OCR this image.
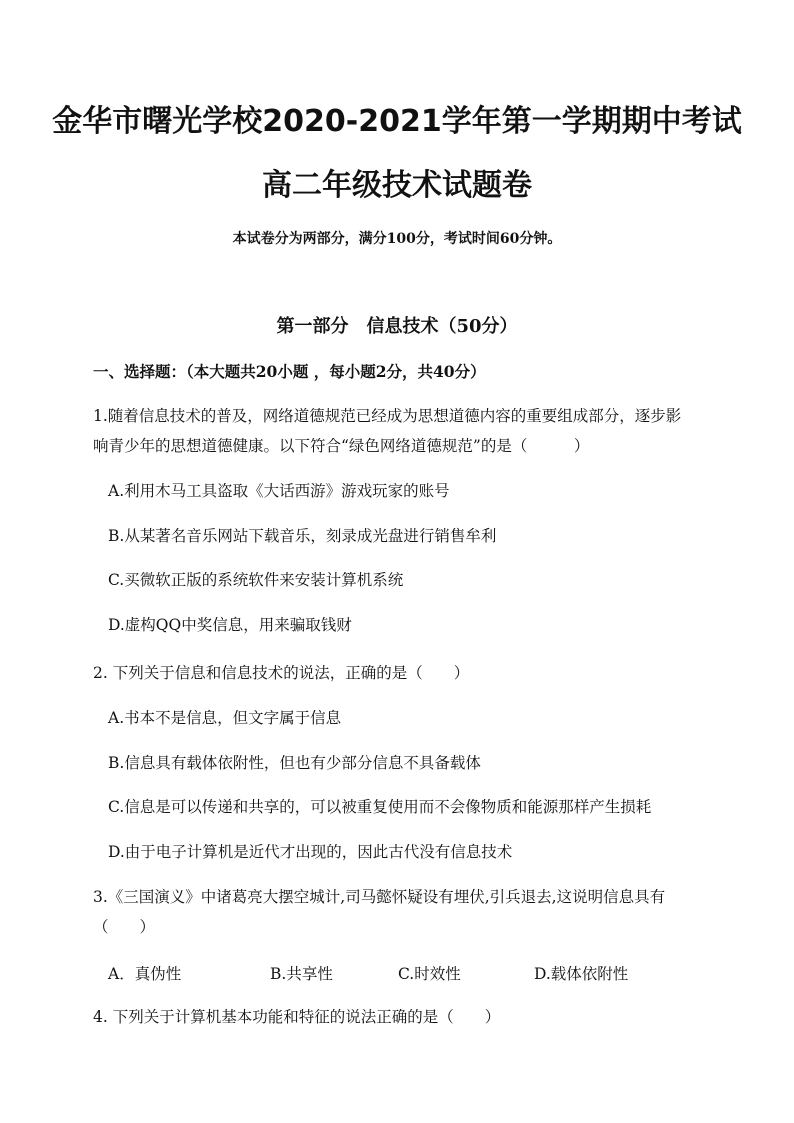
金华市曙光学校2020-2021学年第一学期期中考试
高二年级技术试题卷
本试卷分为两部分，满分100分，考试时间60分钟。
第一部分　信息技术（50分）
一、选择题：（本大题共20小题 ，每小题2分，共40分）
1.随着信息技术的普及，网络道德规范已经成为思想道德内容的重要组成部分，逐步影
响青少年的思想道德健康。以下符合“绿色网络道德规范”的是（　　　）
A.利用木马工具盗取《大话西游》游戏玩家的账号
B.从某著名音乐网站下载音乐，刻录成光盘进行销售牟利
C.买微软正版的系统软件来安装计算机系统
D.虚构QQ中奖信息，用来骗取钱财
2. 下列关于信息和信息技术的说法，正确的是（　　）
A.书本不是信息，但文字属于信息
B.信息具有载体依附性，但也有少部分信息不具备载体
C.信息是可以传递和共享的，可以被重复使用而不会像物质和能源那样产生损耗
D.由于电子计算机是近代才出现的，因此古代没有信息技术
3.《三国演义》中诸葛亮大摆空城计,司马懿怀疑设有埋伏,引兵退去,这说明信息具有
（　　）
A．真伪性	B.共享性	C.时效性	D.载体依附性
4. 下列关于计算机基本功能和特征的说法正确的是（　　）
